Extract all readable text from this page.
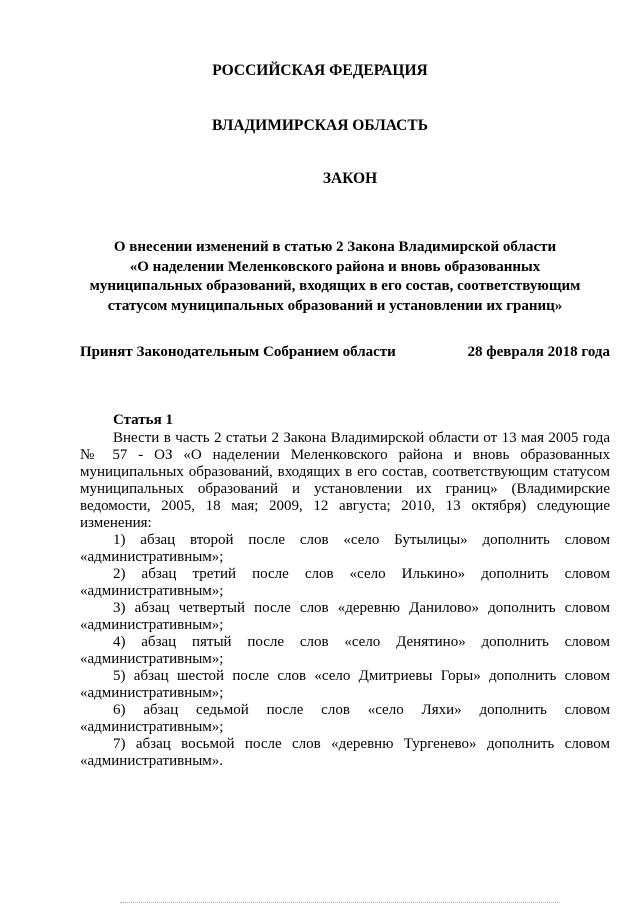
РОССИЙСКАЯ ФЕДЕРАЦИЯ
ВЛАДИМИРСКАЯ ОБЛАСТЬ
ЗАКОН
О внесении изменений в статью 2 Закона Владимирской области
«О наделении Меленковского района и вновь образованных
муниципальных образований, входящих в его состав, соответствующим
статусом муниципальных образований и установлении их границ»
Принят Законодательным Собранием области	28 февраля 2018 года
Статья 1
Внести в часть 2 статьи 2 Закона Владимирской области от 13 мая 2005 года
№ 57 - ОЗ «О наделении Меленковского района и вновь образованных
муниципальных образований, входящих в его состав, соответствующим статусом
муниципальных образований и установлении их границ» (Владимирские
ведомости, 2005, 18 мая; 2009, 12 августа; 2010, 13 октября) следующие
изменения:
1) абзац второй после слов «село Бутылицы» дополнить словом
«административным»;
2) абзац третий после слов «село Илькино» дополнить словом
«административным»;
3) абзац четвертый после слов «деревню Данилово» дополнить словом
«административным»;
4) абзац пятый после слов «село Денятино» дополнить словом
«административным»;
5) абзац шестой после слов «село Дмитриевы Горы» дополнить словом
«административным»;
6) абзац седьмой после слов «село Ляхи» дополнить словом
«административным»;
7) абзац восьмой после слов «деревню Тургенево» дополнить словом
«административным».
